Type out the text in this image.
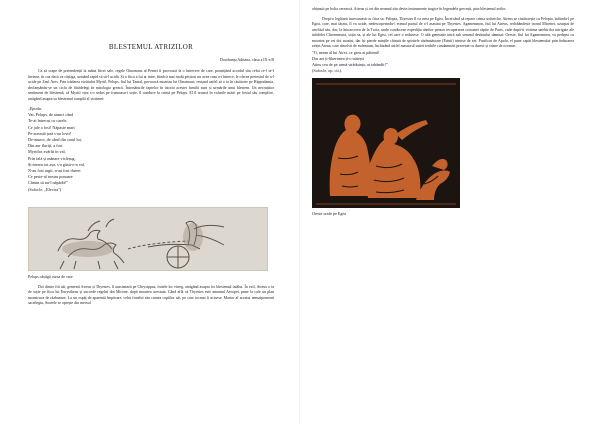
BLESTEMUL ATRIZILOR
Dorobanțu Adriana, clasa a IX-a B

Ca să scape de pretendenții la mâna fiicei sale, regele Oinomaus al Pentei îi provoacă la o întrecere de care, promițând acordul său celui ce-l se-l învinse, în caz dacă va câștiga, urmând rapid să să-l ucidă. Și o fiica a lui ar intre, fiindcă mai mulți pețitori nu avea cum a-i întrece, le oferea pretextul de a-l ucide pe Zeul Ares. Prin trădarea vizitiului Myrtil, Pelops, fiul lui Tantal, provoacă moartea lui Oinomaus, reușind astfel să o ia în căsătorie pe Hippodamia, declanșându-se un ciclu de fărădelegi în mitologia greacă. Întorsăturile faptelor în istoria acestei familii sunt și urmările unui blestem. Un necruțător sentiment de blestemă, că Myrtil viea s-o sedus pe frumoasa-i soție, îl conduce la crimă pe Pelops. El îl aruncă în valurile mării pe fostul său complice, atrăgând asupra sa blestemul cumplit al victimei:

„Epoda:

Vai, Pelops, de atunci când

Te-ai întrecut cu carele,

Ce jale a fost! Năpaste mari

Pe-această țară s-au lovit!

De-atunci, de când din carul lui,

Din aur fluriți, a fost

Myrtilos zvârlit în val,

Prin fală și mânare vicleșug,

Și mereu tot așa, s-a găsit-o-n val,

N-au fost urgii, n-au fost dureri

Ce peste-al nostru ponoare

Cămin să nu-l năpădit!"

(Sofocle, „Electra")

Pelops câștigă cursa de care

Doi dintre fiii săi, gemenii Atreus și Thyestes, îl asasinează pe Chrysippus, fratele lor vitreg, atrăgând asupra lor blestemul tatălui. În exil, Atreus o ia de soție pe fiica lui Eurystheus și succede regelui din Micene, după moartea acestuia. Când află că Thyestes este amantul Aeropei, pune la cale un plan monstruos de răzbunare. La un ospăț de aparentă împăcare, celui fratelui său carnea copiilor săi, pe care tocmai îi ucisese. Martor al acestui nemaipomenit sacrilegiu, Soarele se oprește din mersul

obișnuit pe bolta cerească. Atreus și cei din neamul său devin instrumente tragice în legendele grecești, prin blestemul zeilor.

Drept-o legătură incestuoasă cu fiica sa, Pelopia, Thyestes îl va avea pe Egist. Încercând să repare crima străveche, Atreus se căsătorește cu Pelopia, înfiindu-l pe Egist, care, mai târziu, îl va ucide, nedescoperindu-i etimul pactul de a-l asasina pe Thyestes. Agamemnon, fiul lui Atreus, redobândește tronul Micenei, uzurpat de unchiul său, dar, la întoarcerea de la Troia, unde conducese expediția aheilor pentru recuperarea coroanei răpite de Paris, cade după-ti victima uneltirilor intrigate ale infidelei Clitemnestra, soția sa, și ale lui Egist, cel care o sedusese. O altă generație intră sub semnul destinului damnat: Oreste, fiul lui Agamemnon, va pedepsi cu moartea pe cei doi asasini, dar își pierde mințile chinuit de spiritele răzbunătoare (Erinii) trimise de zei. Purificat de Apolo, el pune capăt blestemului prin îndurarea zeiței Atena, care absolvit de eufemism, închizând astfel masacrul suitei teribile condamnări prezente cu dureri și crime de ocemar:

"O, neam al lui Atrei, ce greu ai pătimit!

Dar azi ți-libertatea ți-o trăiești

Atins cea de pe urmă străduința, ai izbândit!"

(Sofocle, op. cit.).

Oreste ucide pe Egist
